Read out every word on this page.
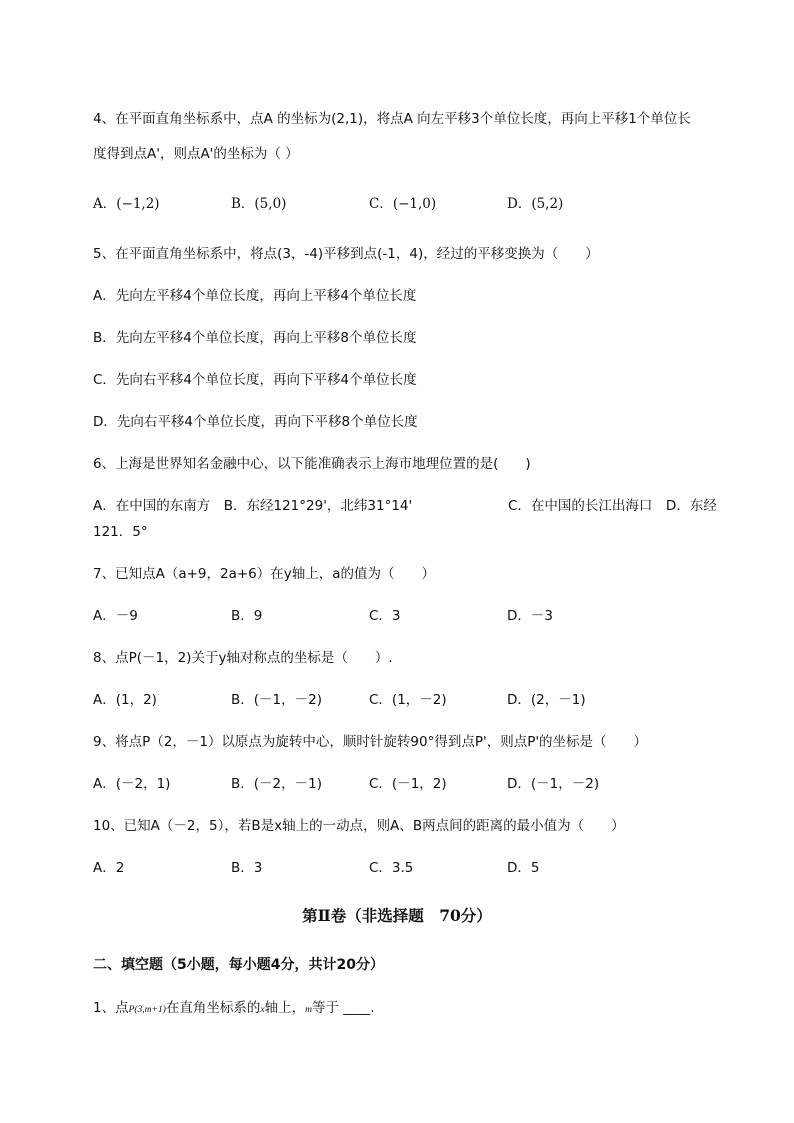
4、在平面直角坐标系中，点A 的坐标为(2,1)，将点A 向左平移3个单位长度，再向上平移1个单位长
度得到点A'，则点A'的坐标为（ ）
A．(−1,2)	B．(5,0)	C．(−1,0)	D．(5,2)
5、在平面直角坐标系中，将点(3，-4)平移到点(-1，4)，经过的平移变换为（　　）
A．先向左平移4个单位长度，再向上平移4个单位长度
B．先向左平移4个单位长度，再向上平移8个单位长度
C．先向右平移4个单位长度，再向下平移4个单位长度
D．先向右平移4个单位长度，再向下平移8个单位长度
6、上海是世界知名金融中心，以下能准确表示上海市地理位置的是(　　)
A．在中国的东南方　B．东经121°29'，北纬31°14'	C．在中国的长江出海口　D．东经
121．5°
7、已知点A（a+9，2a+6）在y轴上，a的值为（　　）
A．－9	B．9	C．3	D．－3
8、点P(－1，2)关于y轴对称点的坐标是（　　）.
A．(1，2)	B．(－1，－2)	C．(1，－2)	D．(2，－1)
9、将点P（2，－1）以原点为旋转中心，顺时针旋转90°得到点P'，则点P'的坐标是（　　）
A．(－2，1)	B．(－2，－1)	C．(－1，2)	D．(－1，－2)
10、已知A（－2，5），若B是x轴上的一动点，则A、B两点间的距离的最小值为（　　）
A．2	B．3	C．3.5	D．5
第Ⅱ卷（非选择题　70分）
二、填空题（5小题，每小题4分，共计20分）
1、点P(3,m+1)在直角坐标系的x轴上，m等于 ____.
